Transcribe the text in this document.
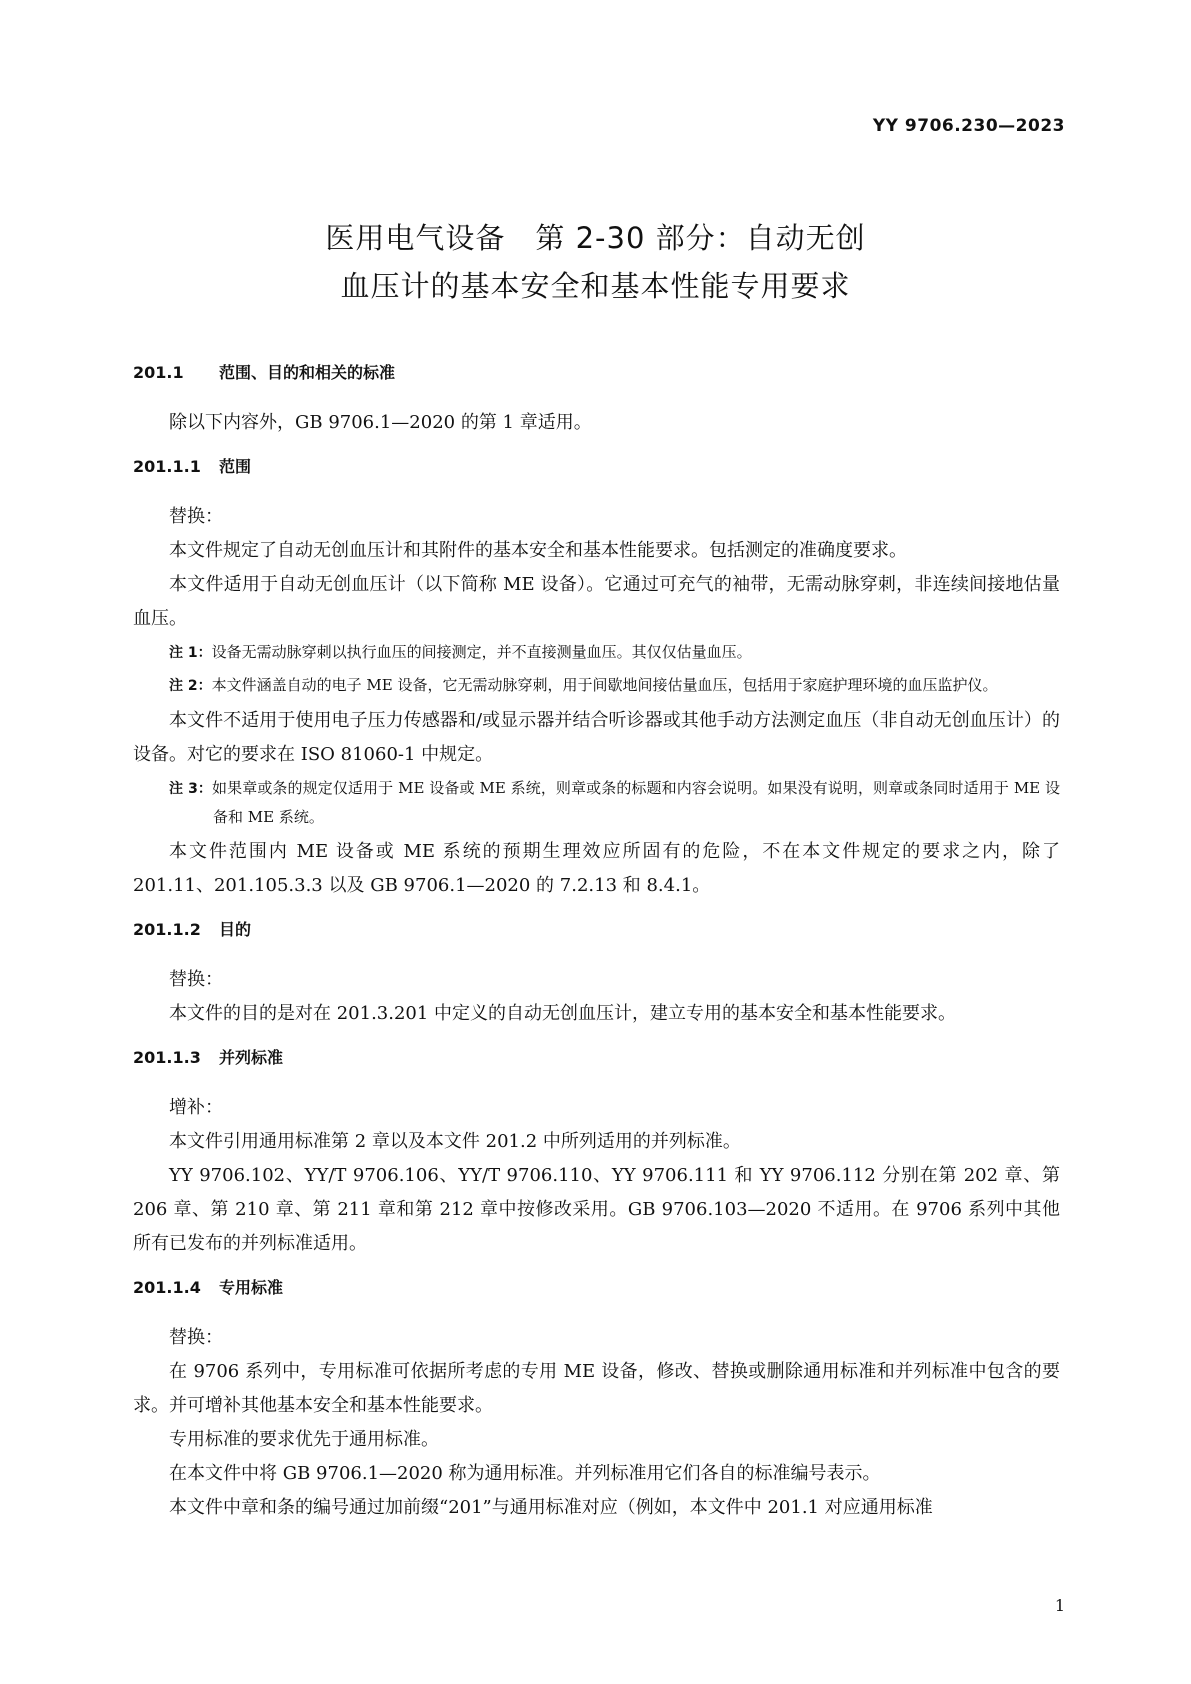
YY 9706.230—2023
医用电气设备　第 2-30 部分：自动无创
血压计的基本安全和基本性能专用要求
201.1 范围、目的和相关的标准

除以下内容外，GB 9706.1—2020 的第 1 章适用。

201.1.1 范围

替换：

本文件规定了自动无创血压计和其附件的基本安全和基本性能要求。包括测定的准确度要求。

本文件适用于自动无创血压计（以下简称 ME 设备）。它通过可充气的袖带，无需动脉穿刺，非连续间接地估量血压。

注 1：设备无需动脉穿刺以执行血压的间接测定，并不直接测量血压。其仅仅估量血压。
注 2：本文件涵盖自动的电子 ME 设备，它无需动脉穿刺，用于间歇地间接估量血压，包括用于家庭护理环境的血压监护仪。

本文件不适用于使用电子压力传感器和/或显示器并结合听诊器或其他手动方法测定血压（非自动无创血压计）的设备。对它的要求在 ISO 81060-1 中规定。

注 3：如果章或条的规定仅适用于 ME 设备或 ME 系统，则章或条的标题和内容会说明。如果没有说明，则章或条同时适用于 ME 设备和 ME 系统。

本文件范围内 ME 设备或 ME 系统的预期生理效应所固有的危险，不在本文件规定的要求之内，除了 201.11、201.105.3.3 以及 GB 9706.1—2020 的 7.2.13 和 8.4.1。

201.1.2 目的

替换：

本文件的目的是对在 201.3.201 中定义的自动无创血压计，建立专用的基本安全和基本性能要求。

201.1.3 并列标准

增补：

本文件引用通用标准第 2 章以及本文件 201.2 中所列适用的并列标准。

YY 9706.102、YY/T 9706.106、YY/T 9706.110、YY 9706.111 和 YY 9706.112 分别在第 202 章、第 206 章、第 210 章、第 211 章和第 212 章中按修改采用。GB 9706.103—2020 不适用。在 9706 系列中其他所有已发布的并列标准适用。

201.1.4 专用标准

替换：

在 9706 系列中，专用标准可依据所考虑的专用 ME 设备，修改、替换或删除通用标准和并列标准中包含的要求。并可增补其他基本安全和基本性能要求。

专用标准的要求优先于通用标准。

在本文件中将 GB 9706.1—2020 称为通用标准。并列标准用它们各自的标准编号表示。

本文件中章和条的编号通过加前缀“201”与通用标准对应（例如，本文件中 201.1 对应通用标准

1
